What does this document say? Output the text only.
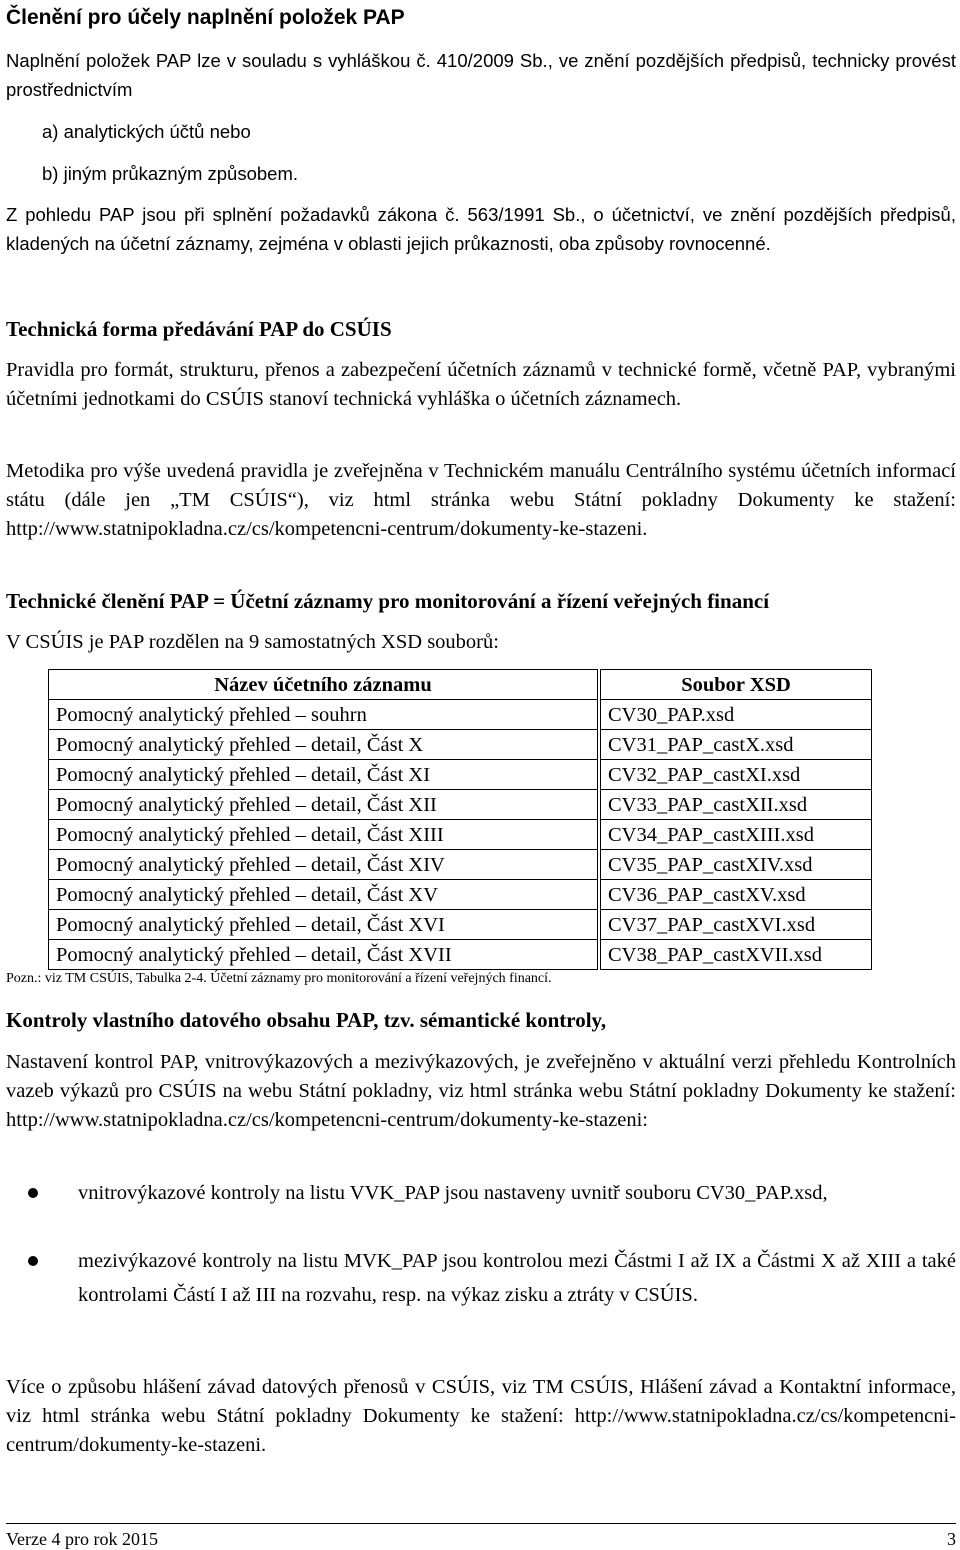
Členění pro účely naplnění položek PAP
Naplnění položek PAP lze v souladu s vyhláškou č. 410/2009 Sb., ve znění pozdějších předpisů, technicky provést prostřednictvím
a) analytických účtů nebo
b) jiným průkazným způsobem.
Z pohledu PAP jsou při splnění požadavků zákona č. 563/1991 Sb., o účetnictví, ve znění pozdějších předpisů, kladených na účetní záznamy, zejména v oblasti jejich průkaznosti, oba způsoby rovnocenné.
Technická forma předávání PAP do CSÚIS
Pravidla pro formát, strukturu, přenos a zabezpečení účetních záznamů v technické formě, včetně PAP, vybranými účetními jednotkami do CSÚIS stanoví technická vyhláška o účetních záznamech.
Metodika pro výše uvedená pravidla je zveřejněna v Technickém manuálu Centrálního systému účetních informací státu (dále jen „TM CSÚIS“), viz html stránka webu Státní pokladny Dokumenty ke stažení: http://www.statnipokladna.cz/cs/kompetencni-centrum/dokumenty-ke-stazeni.
Technické členění PAP = Účetní záznamy pro monitorování a řízení veřejných financí
V CSÚIS je PAP rozdělen na 9 samostatných XSD souborů:
Název účetního záznamu		Soubor XSD
Pomocný analytický přehled – souhrn		CV30_PAP.xsd
Pomocný analytický přehled – detail, Část X		CV31_PAP_castX.xsd
Pomocný analytický přehled – detail, Část XI		CV32_PAP_castXI.xsd
Pomocný analytický přehled – detail, Část XII		CV33_PAP_castXII.xsd
Pomocný analytický přehled – detail, Část XIII		CV34_PAP_castXIII.xsd
Pomocný analytický přehled – detail, Část XIV		CV35_PAP_castXIV.xsd
Pomocný analytický přehled – detail, Část XV		CV36_PAP_castXV.xsd
Pomocný analytický přehled – detail, Část XVI		CV37_PAP_castXVI.xsd
Pomocný analytický přehled – detail, Část XVII		CV38_PAP_castXVII.xsd
Pozn.: viz TM CSÚIS, Tabulka 2-4. Účetní záznamy pro monitorování a řízení veřejných financí.
Kontroly vlastního datového obsahu PAP, tzv. sémantické kontroly,
Nastavení kontrol PAP, vnitrovýkazových a mezivýkazových, je zveřejněno v aktuální verzi přehledu Kontrolních vazeb výkazů pro CSÚIS na webu Státní pokladny, viz html stránka webu Státní pokladny Dokumenty ke stažení: http://www.statnipokladna.cz/cs/kompetencni-centrum/dokumenty-ke-stazeni:
vnitrovýkazové kontroly na listu VVK_PAP jsou nastaveny uvnitř souboru CV30_PAP.xsd,
mezivýkazové kontroly na listu MVK_PAP jsou kontrolou mezi Částmi I až IX a Částmi X až XIII a také kontrolami Částí I až III na rozvahu, resp. na výkaz zisku a ztráty v CSÚIS.
Více o způsobu hlášení závad datových přenosů v CSÚIS, viz TM CSÚIS, Hlášení závad a Kontaktní informace, viz html stránka webu Státní pokladny Dokumenty ke stažení: http://www.statnipokladna.cz/cs/kompetencni-centrum/dokumenty-ke-stazeni.
Verze 4 pro rok 2015	3
